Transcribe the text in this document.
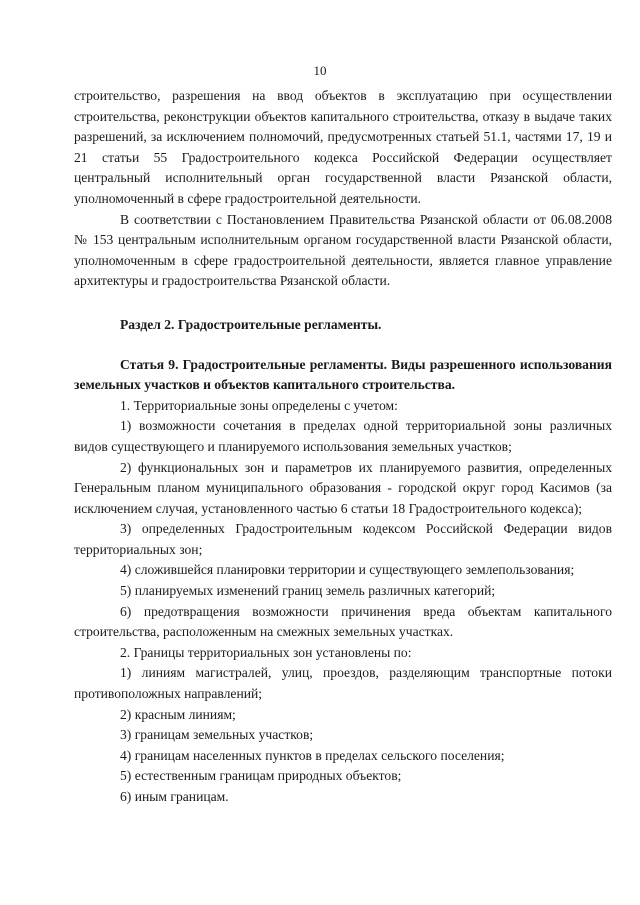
10

строительство, разрешения на ввод объектов в эксплуатацию при осуществлении строительства, реконструкции объектов капитального строительства, отказу в выдаче таких разрешений, за исключением полномочий, предусмотренных статьей 51.1, частями 17, 19 и 21 статьи 55 Градостроительного кодекса Российской Федерации осуществляет центральный исполнительный орган государственной власти Рязанской области, уполномоченный в сфере градостроительной деятельности.

В соответствии с Постановлением Правительства Рязанской области от 06.08.2008 № 153 центральным исполнительным органом государственной власти Рязанской области, уполномоченным в сфере градостроительной деятельности, является главное управление архитектуры и градостроительства Рязанской области.

Раздел 2. Градостроительные регламенты.

Статья 9. Градостроительные регламенты. Виды разрешенного использования земельных участков и объектов капитального строительства.

1. Территориальные зоны определены с учетом:

1) возможности сочетания в пределах одной территориальной зоны различных видов существующего и планируемого использования земельных участков;

2) функциональных зон и параметров их планируемого развития, определенных Генеральным планом муниципального образования - городской округ город Касимов (за исключением случая, установленного частью 6 статьи 18 Градостроительного кодекса);

3) определенных Градостроительным кодексом Российской Федерации видов территориальных зон;

4) сложившейся планировки территории и существующего землепользования;

5) планируемых изменений границ земель различных категорий;

6) предотвращения возможности причинения вреда объектам капитального строительства, расположенным на смежных земельных участках.

2. Границы территориальных зон установлены по:

1) линиям магистралей, улиц, проездов, разделяющим транспортные потоки противоположных направлений;

2) красным линиям;

3) границам земельных участков;

4) границам населенных пунктов в пределах сельского поселения;

5) естественным границам природных объектов;

6) иным границам.
